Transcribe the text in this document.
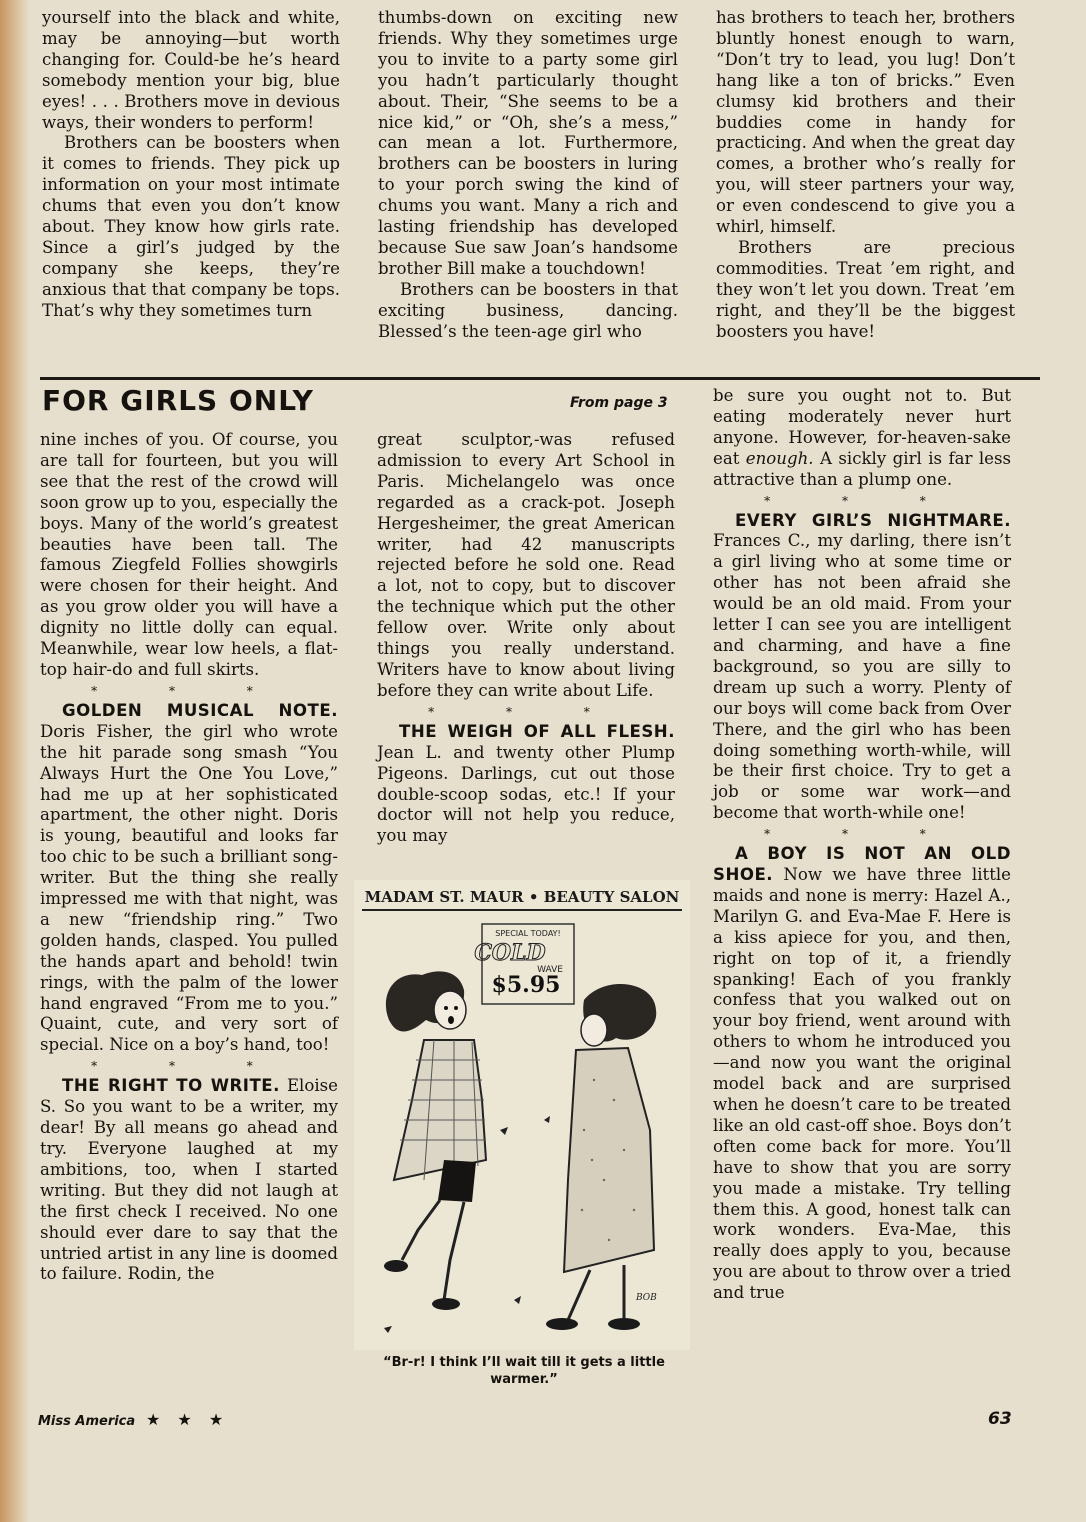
yourself into the black and white, may be annoying—but worth changing for. Could-be he’s heard somebody mention your big, blue eyes! . . . Brothers move in devious ways, their wonders to perform!

Brothers can be boosters when it comes to friends. They pick up information on your most intimate chums that even you don’t know about. They know how girls rate. Since a girl’s judged by the company she keeps, they’re anxious that that company be tops. That’s why they sometimes turn

thumbs-down on exciting new friends. Why they sometimes urge you to invite to a party some girl you hadn’t particularly thought about. Their, “She seems to be a nice kid,” or “Oh, she’s a mess,” can mean a lot. Furthermore, brothers can be boosters in luring to your porch swing the kind of chums you want. Many a rich and lasting friendship has developed because Sue saw Joan’s handsome brother Bill make a touchdown!

Brothers can be boosters in that exciting business, dancing. Blessed’s the teen-age girl who

has brothers to teach her, brothers bluntly honest enough to warn, “Don’t try to lead, you lug! Don’t hang like a ton of bricks.” Even clumsy kid brothers and their buddies come in handy for practicing. And when the great day comes, a brother who’s really for you, will steer partners your way, or even condescend to give you a whirl, himself.

Brothers are precious commodities. Treat ’em right, and they won’t let you down. Treat ’em right, and they’ll be the biggest boosters you have!

FOR GIRLS ONLY	From page 3

nine inches of you. Of course, you are tall for fourteen, but you will see that the rest of the crowd will soon grow up to you, especially the boys. Many of the world’s greatest beauties have been tall. The famous Ziegfeld Follies showgirls were chosen for their height. And as you grow older you will have a dignity no little dolly can equal. Meanwhile, wear low heels, a flat-top hair-do and full skirts.

* * *

GOLDEN MUSICAL NOTE. Doris Fisher, the girl who wrote the hit parade song smash “You Always Hurt the One You Love,” had me up at her sophisticated apartment, the other night. Doris is young, beautiful and looks far too chic to be such a brilliant song-writer. But the thing she really impressed me with that night, was a new “friendship ring.” Two golden hands, clasped. You pulled the hands apart and behold! twin rings, with the palm of the lower hand engraved “From me to you.” Quaint, cute, and very sort of special. Nice on a boy’s hand, too!

* * *

THE RIGHT TO WRITE. Eloise S. So you want to be a writer, my dear! By all means go ahead and try. Everyone laughed at my ambitions, too, when I started writing. But they did not laugh at the first check I received. No one should ever dare to say that the untried artist in any line is doomed to failure. Rodin, the

great sculptor,-was refused admission to every Art School in Paris. Michelangelo was once regarded as a crack-pot. Joseph Hergesheimer, the great American writer, had 42 manuscripts rejected before he sold one. Read a lot, not to copy, but to discover the technique which put the other fellow over. Write only about things you really understand. Writers have to know about living before they can write about Life.

* * *

THE WEIGH OF ALL FLESH. Jean L. and twenty other Plump Pigeons. Darlings, cut out those double-scoop sodas, etc.! If your doctor will not help you reduce, you may

be sure you ought not to. But eating moderately never hurt anyone. However, for-heaven-sake eat enough. A sickly girl is far less attractive than a plump one.

* * *

EVERY GIRL’S NIGHTMARE. Frances C., my darling, there isn’t a girl living who at some time or other has not been afraid she would be an old maid. From your letter I can see you are intelligent and charming, and have a fine background, so you are silly to dream up such a worry. Plenty of our boys will come back from Over There, and the girl who has been doing something worth-while, will be their first choice. Try to get a job or some war work—and become that worth-while one!

* * *

A BOY IS NOT AN OLD SHOE. Now we have three little maids and none is merry: Hazel A., Marilyn G. and Eva-Mae F. Here is a kiss apiece for you, and then, right on top of it, a friendly spanking! Each of you frankly confess that you walked out on your boy friend, went around with others to whom he introduced you—and now you want the original model back and are surprised when he doesn’t care to be treated like an old cast-off shoe. Boys don’t often come back for more. You’ll have to show that you are sorry you made a mistake. Try telling them this. A good, honest talk can work wonders. Eva-Mae, this really does apply to you, because you are about to throw over a tried and true

MADAM ST. MAUR • BEAUTY SALON
SPECIAL TODAY!
COLD
WAVE
$5.95
BOB
“Br-r! I think I’ll wait till it gets a little warmer.”
Miss America ★ ★ ★	63
